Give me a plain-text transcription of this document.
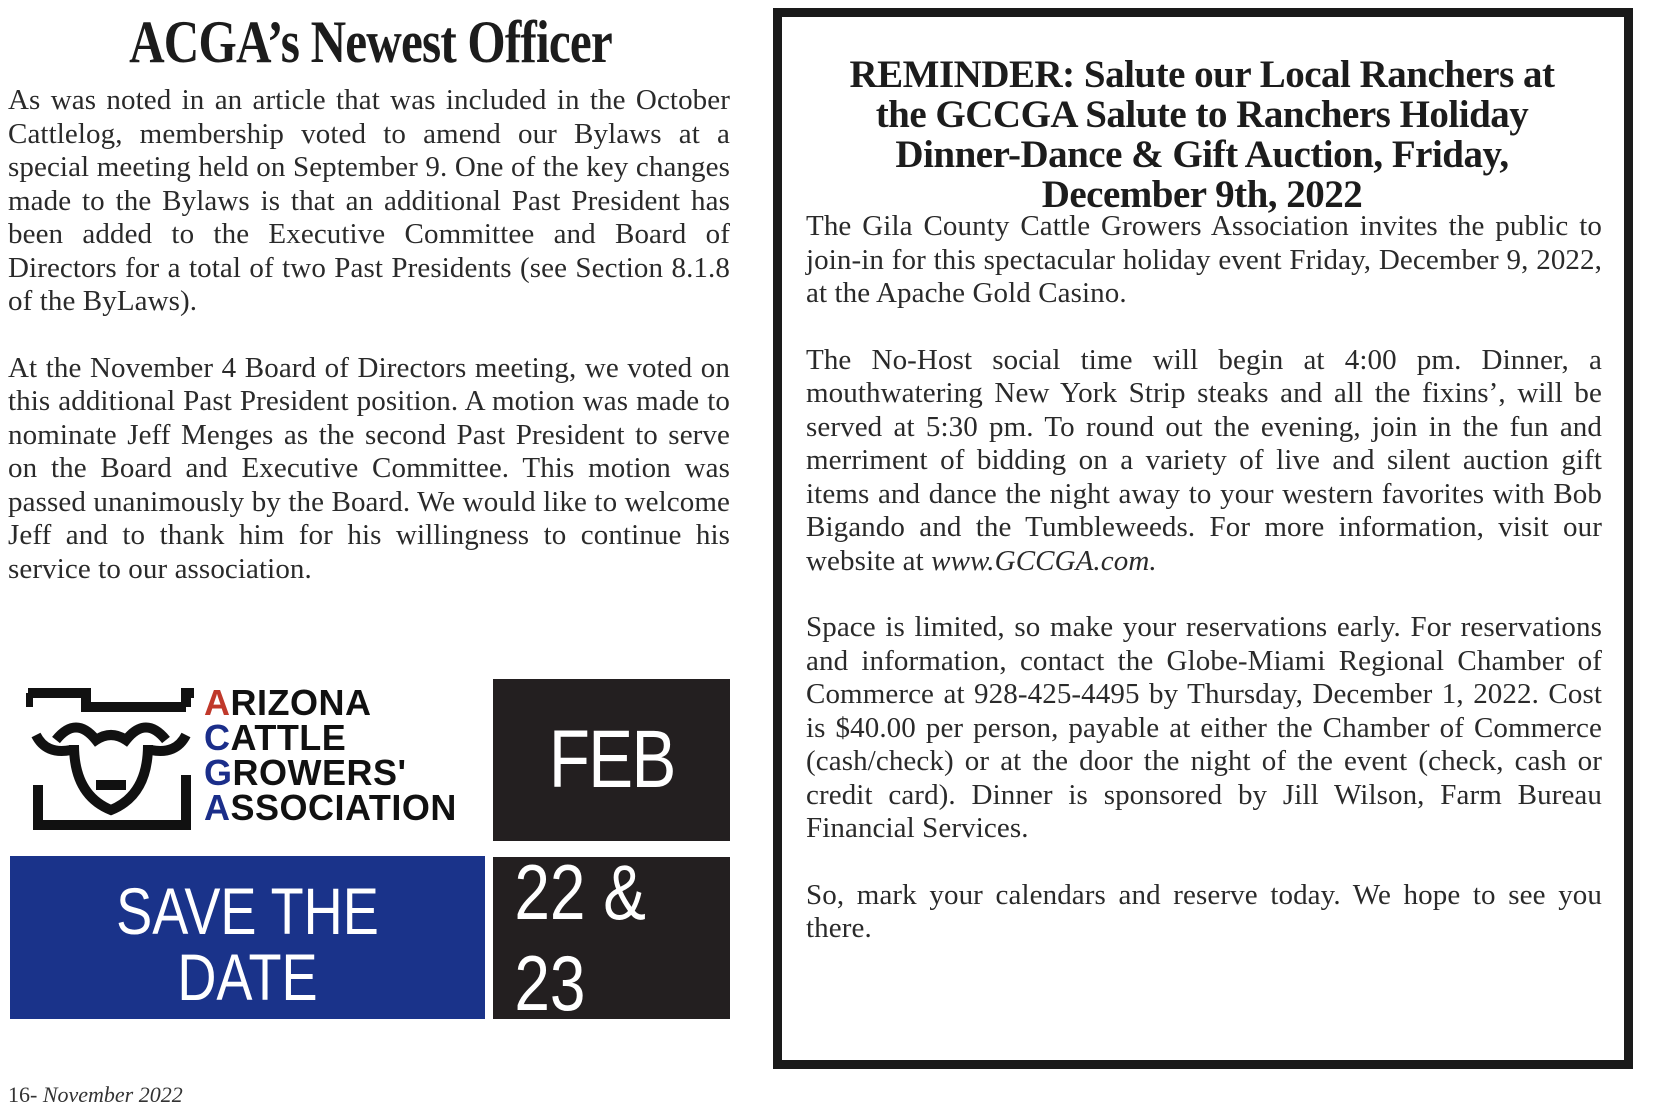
ACGA’s Newest Officer

As was noted in an article that was included in the October Cattlelog, membership voted to amend our Bylaws at a special meeting held on September 9. One of the key changes made to the Bylaws is that an additional Past President has been added to the Executive Committee and Board of Directors for a total of two Past Presidents (see Section 8.1.8 of the ByLaws).

At the November 4 Board of Directors meeting, we voted on this additional Past President position. A motion was made to nominate Jeff Menges as the second Past President to serve on the Board and Executive Committee. This motion was passed unanimously by the Board. We would like to welcome Jeff and to thank him for his willingness to continue his service to our association.

ARIZONA
CATTLE
GROWERS'
ASSOCIATION
FEB
SAVE THE DATE
WINTER MEETING
22 & 23
16- November 2022
REMINDER: Salute our Local Ranchers at the GCCGA Salute to Ranchers Holiday Dinner-Dance & Gift Auction, Friday, December 9th, 2022

The Gila County Cattle Growers Association invites the public to join-in for this spectacular holiday event Friday, December 9, 2022, at the Apache Gold Casino.

The No-Host social time will begin at 4:00 pm. Dinner, a mouthwatering New York Strip steaks and all the fixins’, will be served at 5:30 pm. To round out the evening, join in the fun and merriment of bidding on a variety of live and silent auction gift items and dance the night away to your western favorites with Bob Bigando and the Tumbleweeds. For more information, visit our website at www.GCCGA.com.

Space is limited, so make your reservations early. For reservations and information, contact the Globe-Miami Regional Chamber of Commerce at 928-425-4495 by Thursday, December 1, 2022. Cost is $40.00 per person, payable at either the Chamber of Commerce (cash/check) or at the door the night of the event (check, cash or credit card). Dinner is sponsored by Jill Wilson, Farm Bureau Financial Services.

So, mark your calendars and reserve today. We hope to see you there.
